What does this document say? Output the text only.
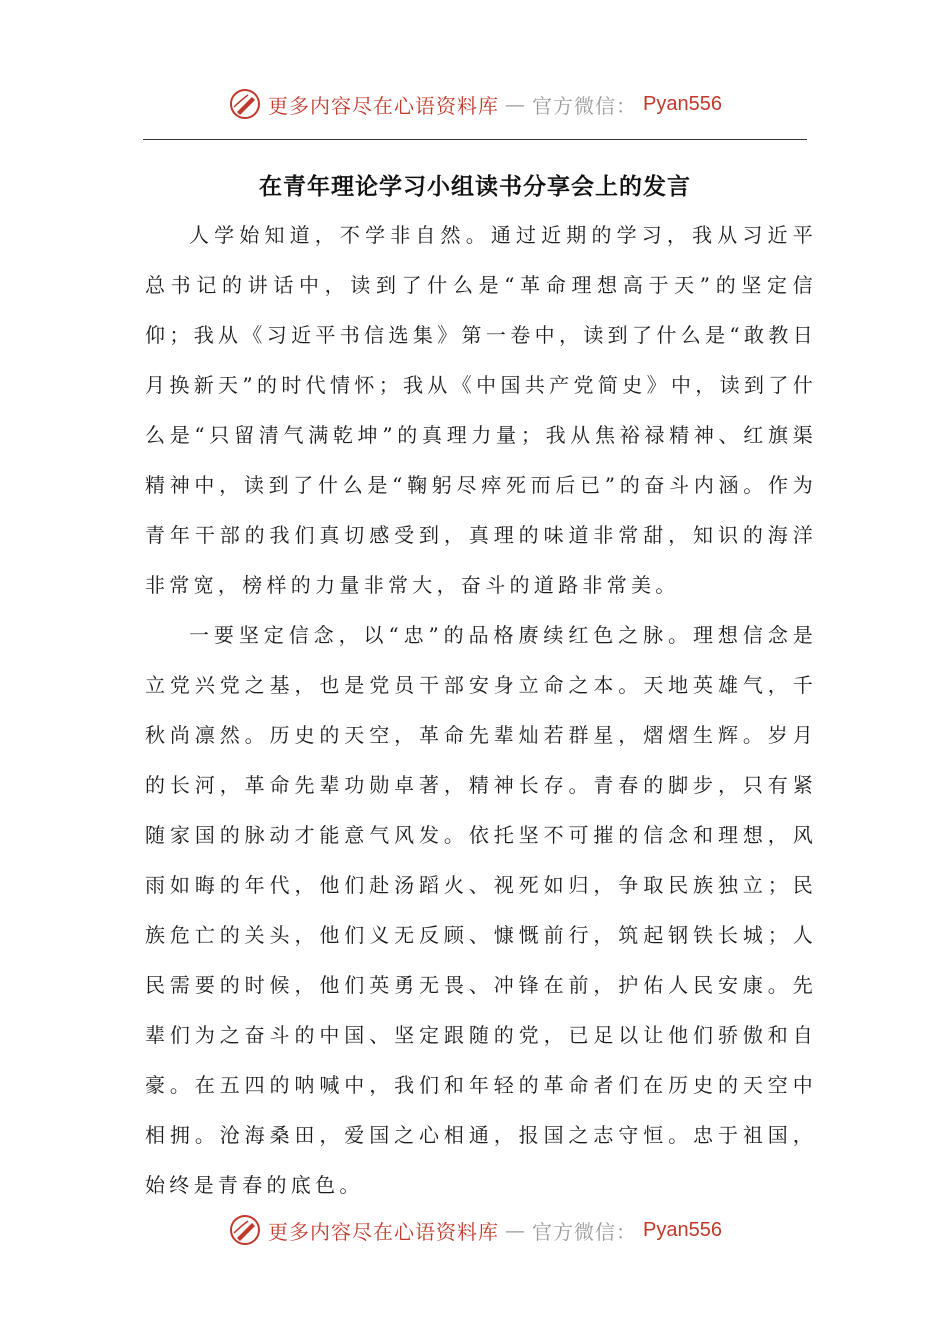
更多内容尽在心语资料库 — 官方微信： Pyan556
在青年理论学习小组读书分享会上的发言

人学始知道，不学非自然。通过近期的学习，我从习近平总书记的讲话中，读到了什么是“革命理想高于天”的坚定信仰；我从《习近平书信选集》第一卷中，读到了什么是“敢教日月换新天”的时代情怀；我从《中国共产党简史》中，读到了什么是“只留清气满乾坤”的真理力量；我从焦裕禄精神、红旗渠精神中，读到了什么是“鞠躬尽瘁死而后已”的奋斗内涵。作为青年干部的我们真切感受到，真理的味道非常甜，知识的海洋非常宽，榜样的力量非常大，奋斗的道路非常美。

一要坚定信念，以“忠”的品格赓续红色之脉。理想信念是立党兴党之基，也是党员干部安身立命之本。天地英雄气，千秋尚凛然。历史的天空，革命先辈灿若群星，熠熠生辉。岁月的长河，革命先辈功勋卓著，精神长存。青春的脚步，只有紧随家国的脉动才能意气风发。依托坚不可摧的信念和理想，风雨如晦的年代，他们赴汤蹈火、视死如归，争取民族独立；民族危亡的关头，他们义无反顾、慷慨前行，筑起钢铁长城；人民需要的时候，他们英勇无畏、冲锋在前，护佑人民安康。先辈们为之奋斗的中国、坚定跟随的党，已足以让他们骄傲和自豪。在五四的呐喊中，我们和年轻的革命者们在历史的天空中相拥。沧海桑田，爱国之心相通，报国之志守恒。忠于祖国，始终是青春的底色。

更多内容尽在心语资料库 — 官方微信： Pyan556
